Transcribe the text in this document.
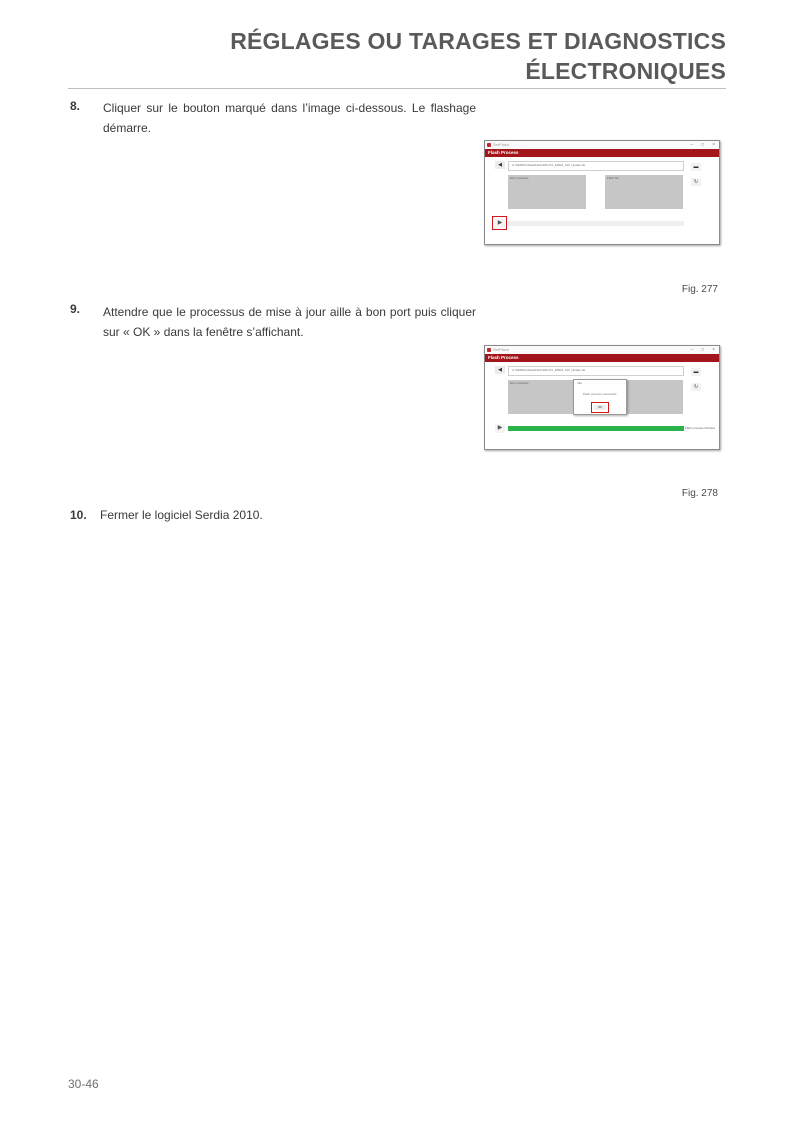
RÉGLAGES OU TARAGES ET DIAGNOSTICS
ÉLECTRONIQUES
8. Cliquer sur le bouton marqué dans l’image ci-dessous. Le flashage démarre.
SerFlash	– □ ×
Flash Process
◀	C:\SERDIA\Data\Flash\DEUTZ_EMR4_SW_Update.fla	▬
↻
ECU software	Flash file
▶
Fig. 277
9. Attendre que le processus de mise à jour aille à bon port puis cliquer sur « OK » dans la fenêtre s’affichant.
SerFlash	– □ ×
Flash Process
◀	C:\SERDIA\Data\Flash\DEUTZ_EMR4_SW_Update.fla	▬
↻
ECU software	Info
Flash process successful.
OK
▶	Flash process finished
Fig. 278
10. Fermer le logiciel Serdia 2010.
30-46
